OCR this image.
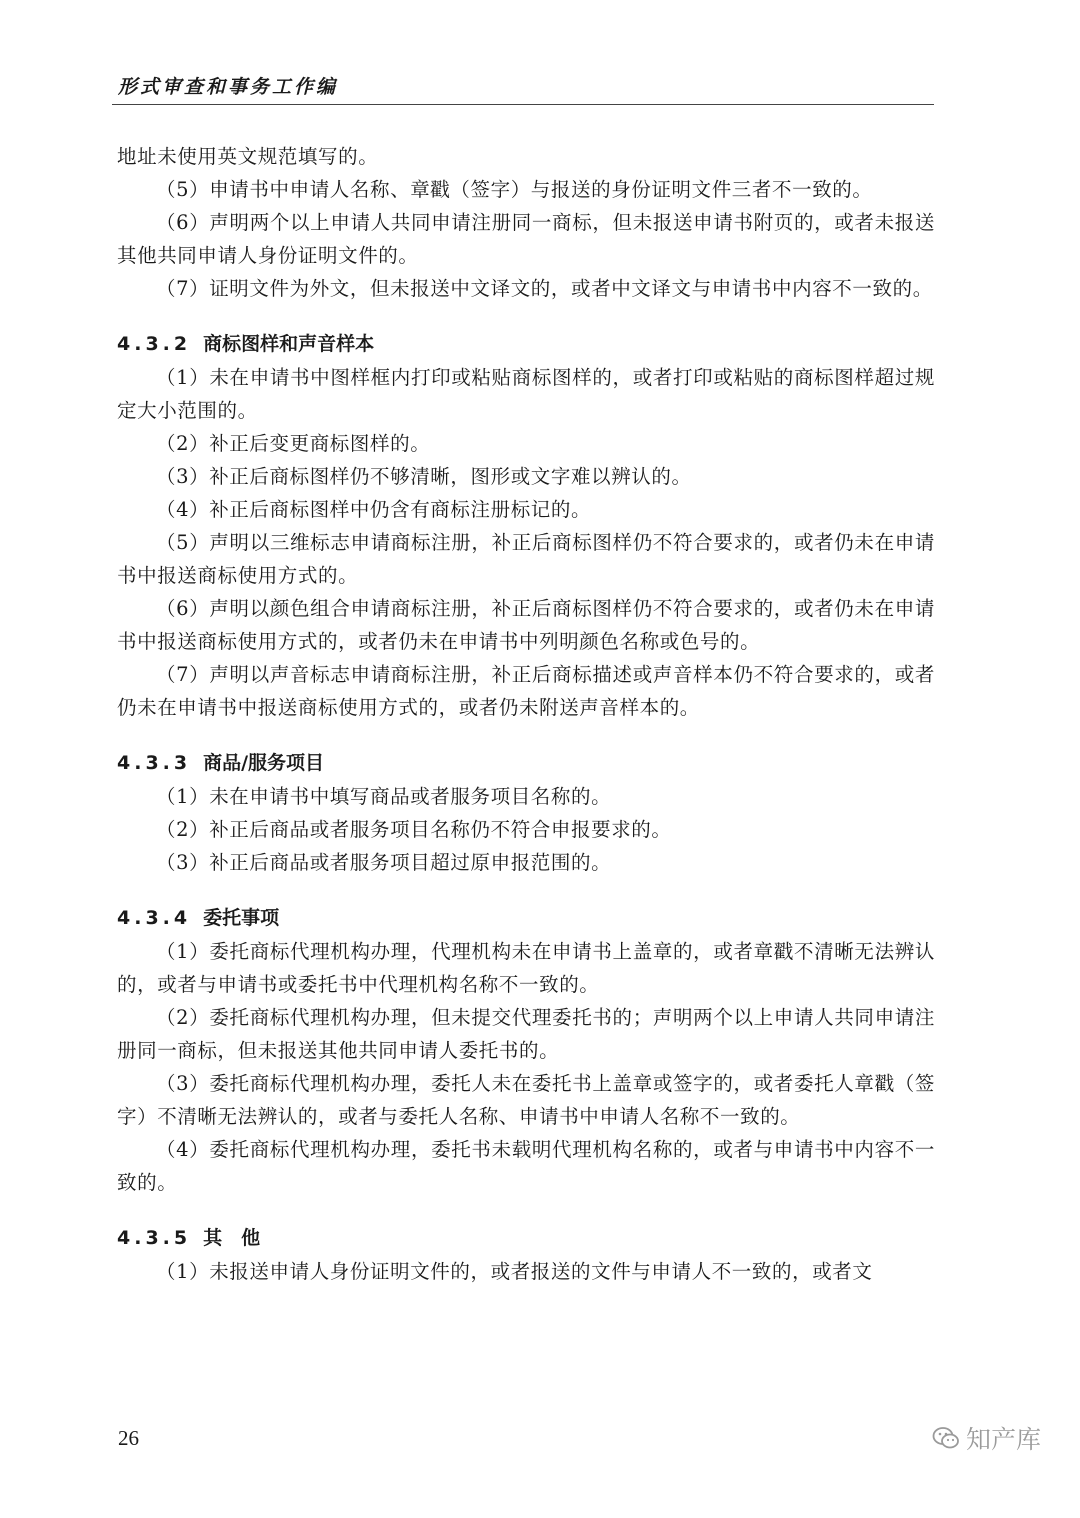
形式审查和事务工作编

地址未使用英文规范填写的。

（5）申请书中申请人名称、章戳（签字）与报送的身份证明文件三者不一致的。

（6）声明两个以上申请人共同申请注册同一商标，但未报送申请书附页的，或者未报送其他共同申请人身份证明文件的。

（7）证明文件为外文，但未报送中文译文的，或者中文译文与申请书中内容不一致的。

4.3.2 商标图样和声音样本

（1）未在申请书中图样框内打印或粘贴商标图样的，或者打印或粘贴的商标图样超过规定大小范围的。

（2）补正后变更商标图样的。

（3）补正后商标图样仍不够清晰，图形或文字难以辨认的。

（4）补正后商标图样中仍含有商标注册标记的。

（5）声明以三维标志申请商标注册，补正后商标图样仍不符合要求的，或者仍未在申请书中报送商标使用方式的。

（6）声明以颜色组合申请商标注册，补正后商标图样仍不符合要求的，或者仍未在申请书中报送商标使用方式的，或者仍未在申请书中列明颜色名称或色号的。

（7）声明以声音标志申请商标注册，补正后商标描述或声音样本仍不符合要求的，或者仍未在申请书中报送商标使用方式的，或者仍未附送声音样本的。

4.3.3 商品/服务项目

（1）未在申请书中填写商品或者服务项目名称的。

（2）补正后商品或者服务项目名称仍不符合申报要求的。

（3）补正后商品或者服务项目超过原申报范围的。

4.3.4 委托事项

（1）委托商标代理机构办理，代理机构未在申请书上盖章的，或者章戳不清晰无法辨认的，或者与申请书或委托书中代理机构名称不一致的。

（2）委托商标代理机构办理，但未提交代理委托书的；声明两个以上申请人共同申请注册同一商标，但未报送其他共同申请人委托书的。

（3）委托商标代理机构办理，委托人未在委托书上盖章或签字的，或者委托人章戳（签字）不清晰无法辨认的，或者与委托人名称、申请书中申请人名称不一致的。

（4）委托商标代理机构办理，委托书未载明代理机构名称的，或者与申请书中内容不一致的。

4.3.5 其　他

（1）未报送申请人身份证明文件的，或者报送的文件与申请人不一致的，或者文

26	知产库
